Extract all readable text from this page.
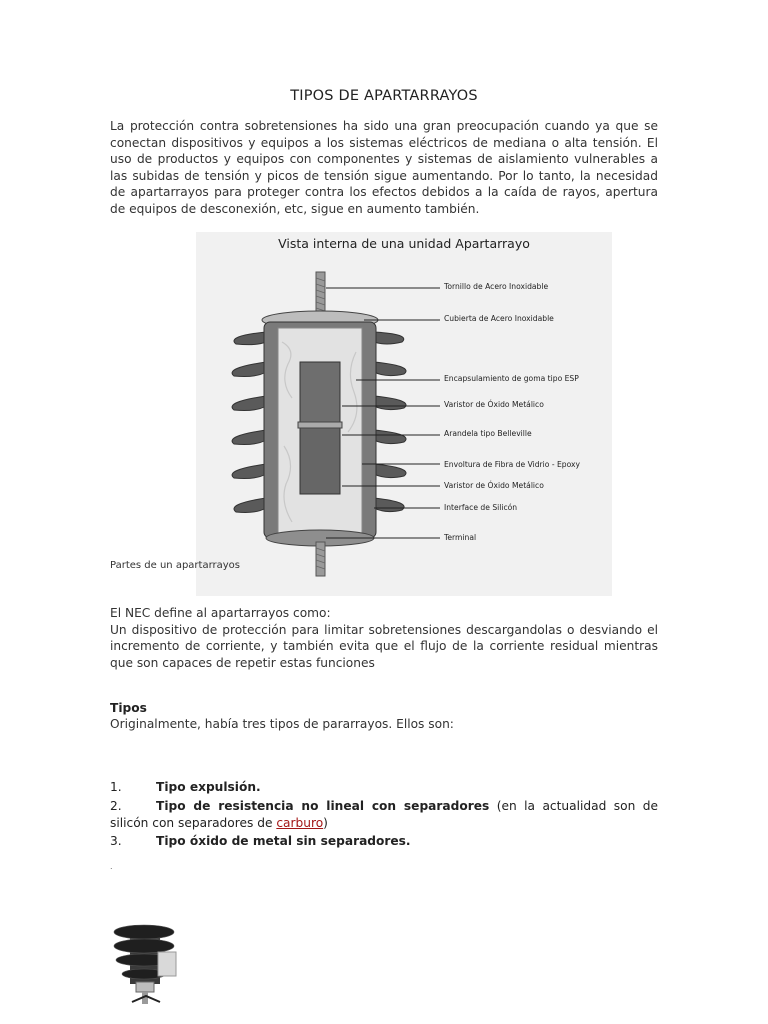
TIPOS DE APARTARRAYOS
La protección contra sobretensiones ha sido una gran preocupación cuando ya que se conectan dispositivos y equipos a los sistemas eléctricos de mediana o alta tensión. El uso de productos y equipos con componentes y sistemas de aislamiento vulnerables a las subidas de tensión y picos de tensión sigue aumentando. Por lo tanto, la necesidad de apartarrayos para proteger contra los efectos debidos a la caída de rayos, apertura de equipos de desconexión, etc, sigue en aumento también.
Vista interna de una unidad Apartarrayo
Tornillo de Acero Inoxidable
Cubierta de Acero Inoxidable
Encapsulamiento de goma tipo ESP
Varistor de Óxido Metálico
Arandela tipo Belleville
Envoltura de Fibra de Vidrio - Epoxy
Varistor de Óxido Metálico
Interface de Silicón
Terminal
Partes de un apartarrayos
El NEC define al apartarrayos como:
Un dispositivo de protección para limitar sobretensiones descargandolas o desviando el incremento de corriente, y también evita que el flujo de la corriente residual mientras que son capaces de repetir estas funciones
Tipos
Originalmente, había tres tipos de pararrayos. Ellos son:
1.	Tipo expulsión.
2.	Tipo de resistencia no lineal con separadores (en la actualidad son de silicón con separadores de carburo)
3.	Tipo óxido de metal sin separadores.
.
